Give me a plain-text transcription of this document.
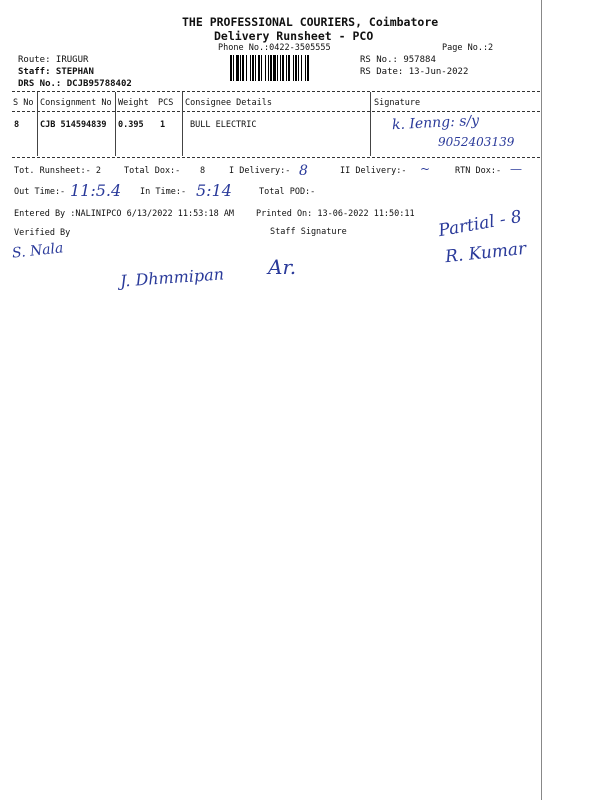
THE PROFESSIONAL COURIERS, Coimbatore
Delivery Runsheet - PCO
Phone No.:0422-3505555	Page No.:2
Route: IRUGUR
Staff: STEPHAN
DRS No.: DCJB95788402
RS No.: 957884
RS Date: 13-Jun-2022
S No Consignment No Weight PCS Consignee Details	Signature
8 CJB 514594839 0.395 1	BULL ELECTRIC	k. Ienng: s/y
9052403139
Tot. Runsheet:- 2	Total Dox:- 8	I Delivery:- 8	II Delivery:- ~	RTN Dox:- —
Out Time:- 11:5.4 In Time:- 5:14	Total POD:-
Entered By :NALINIPCO 6/13/2022 11:53:18 AM	Printed On: 13-06-2022 11:50:11
Verified By	Staff Signature
S. Nala
J. Dhmmipan Ar.
Partial - 8
R. Kumar
